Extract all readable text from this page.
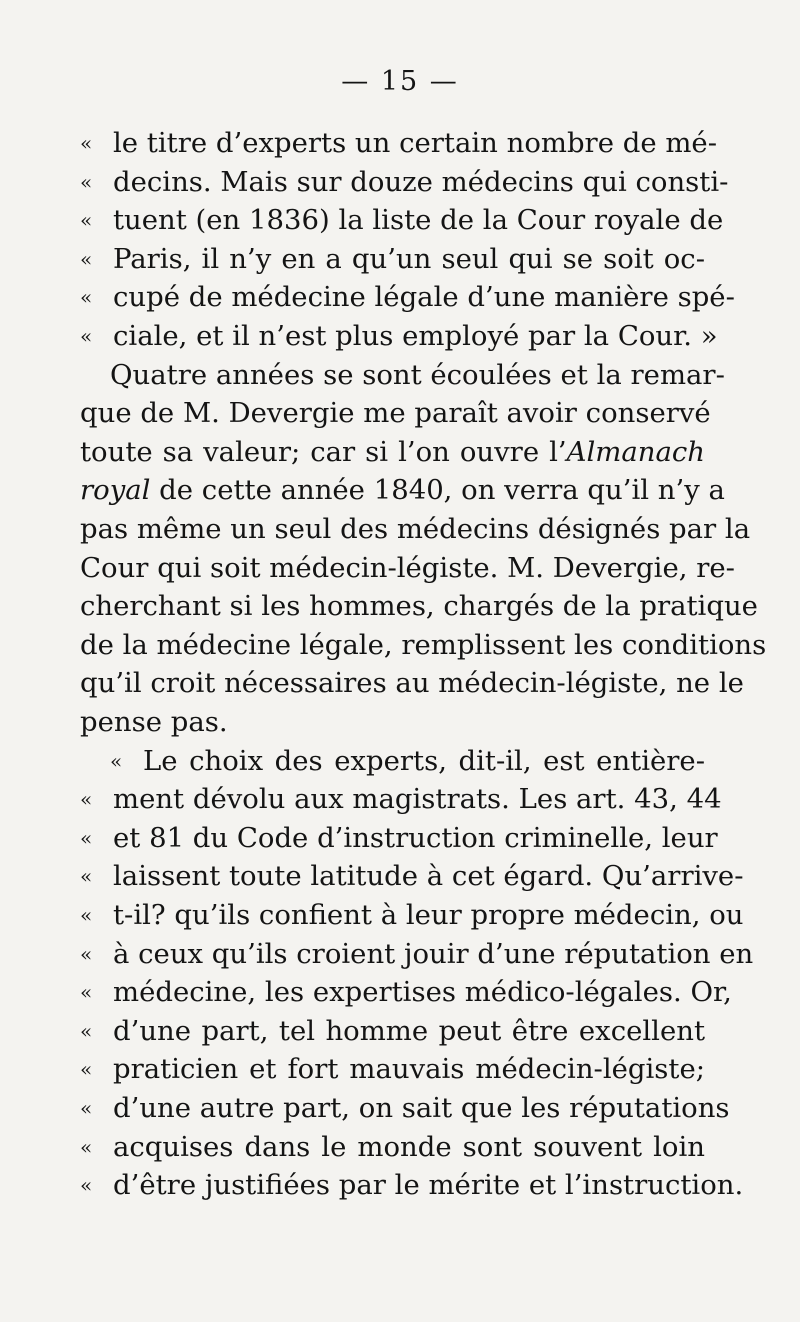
— 15 —
« le titre d’experts un certain nombre de mé-
« decins. Mais sur douze médecins qui consti-
« tuent (en 1836) la liste de la Cour royale de
« Paris, il n’y en a qu’un seul qui se soit oc-
« cupé de médecine légale d’une manière spé-
« ciale, et il n’est plus employé par la Cour. »
Quatre années se sont écoulées et la remar-
que de M. Devergie me paraît avoir conservé
toute sa valeur; car si l’on ouvre l’Almanach
royal de cette année 1840, on verra qu’il n’y a
pas même un seul des médecins désignés par la
Cour qui soit médecin-légiste. M. Devergie, re-
cherchant si les hommes, chargés de la pratique
de la médecine légale, remplissent les conditions
qu’il croit nécessaires au médecin-légiste, ne le
pense pas.
« Le choix des experts, dit-il, est entière-
« ment dévolu aux magistrats. Les art. 43, 44
« et 81 du Code d’instruction criminelle, leur
« laissent toute latitude à cet égard. Qu’arrive-
« t-il? qu’ils confient à leur propre médecin, ou
« à ceux qu’ils croient jouir d’une réputation en
« médecine, les expertises médico-légales. Or,
« d’une part, tel homme peut être excellent
« praticien et fort mauvais médecin-légiste;
« d’une autre part, on sait que les réputations
« acquises dans le monde sont souvent loin
« d’être justifiées par le mérite et l’instruction.
